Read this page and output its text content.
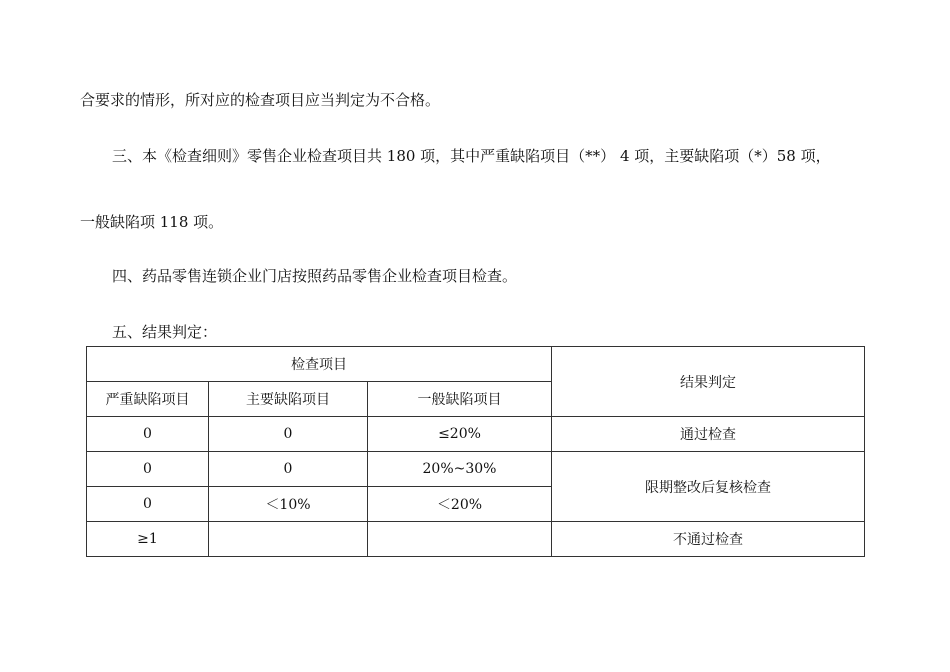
合要求的情形，所对应的检查项目应当判定为不合格。
三、本《检查细则》零售企业检查项目共 180 项，其中严重缺陷项目（**） 4 项，主要缺陷项（*）58 项，
一般缺陷项 118 项。
四、药品零售连锁企业门店按照药品零售企业检查项目检查。
五、结果判定：
检查项目			结果判定
严重缺陷项目	主要缺陷项目	一般缺陷项目	
0	0	≤20%	通过检查
0	0	20%~30%	限期整改后复核检查
0	＜10%	＜20%	
≥1			不通过检查
